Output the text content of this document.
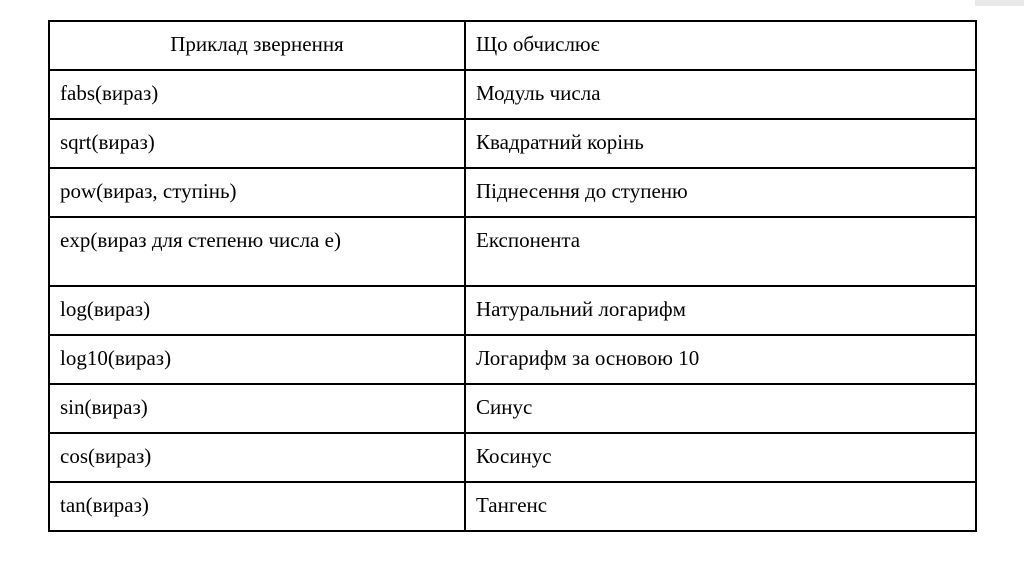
Приклад звернення	Що обчислює
fabs(вираз)	Модуль числа
sqrt(вираз)	Квадратний корінь
pow(вираз, ступінь)	Піднесення до ступеню
exp(вираз для степеню числа e)	Експонента
log(вираз)	Натуральний логарифм
log10(вираз)	Логарифм за основою 10
sin(вираз)	Синус
cos(вираз)	Косинус
tan(вираз)	Тангенс
